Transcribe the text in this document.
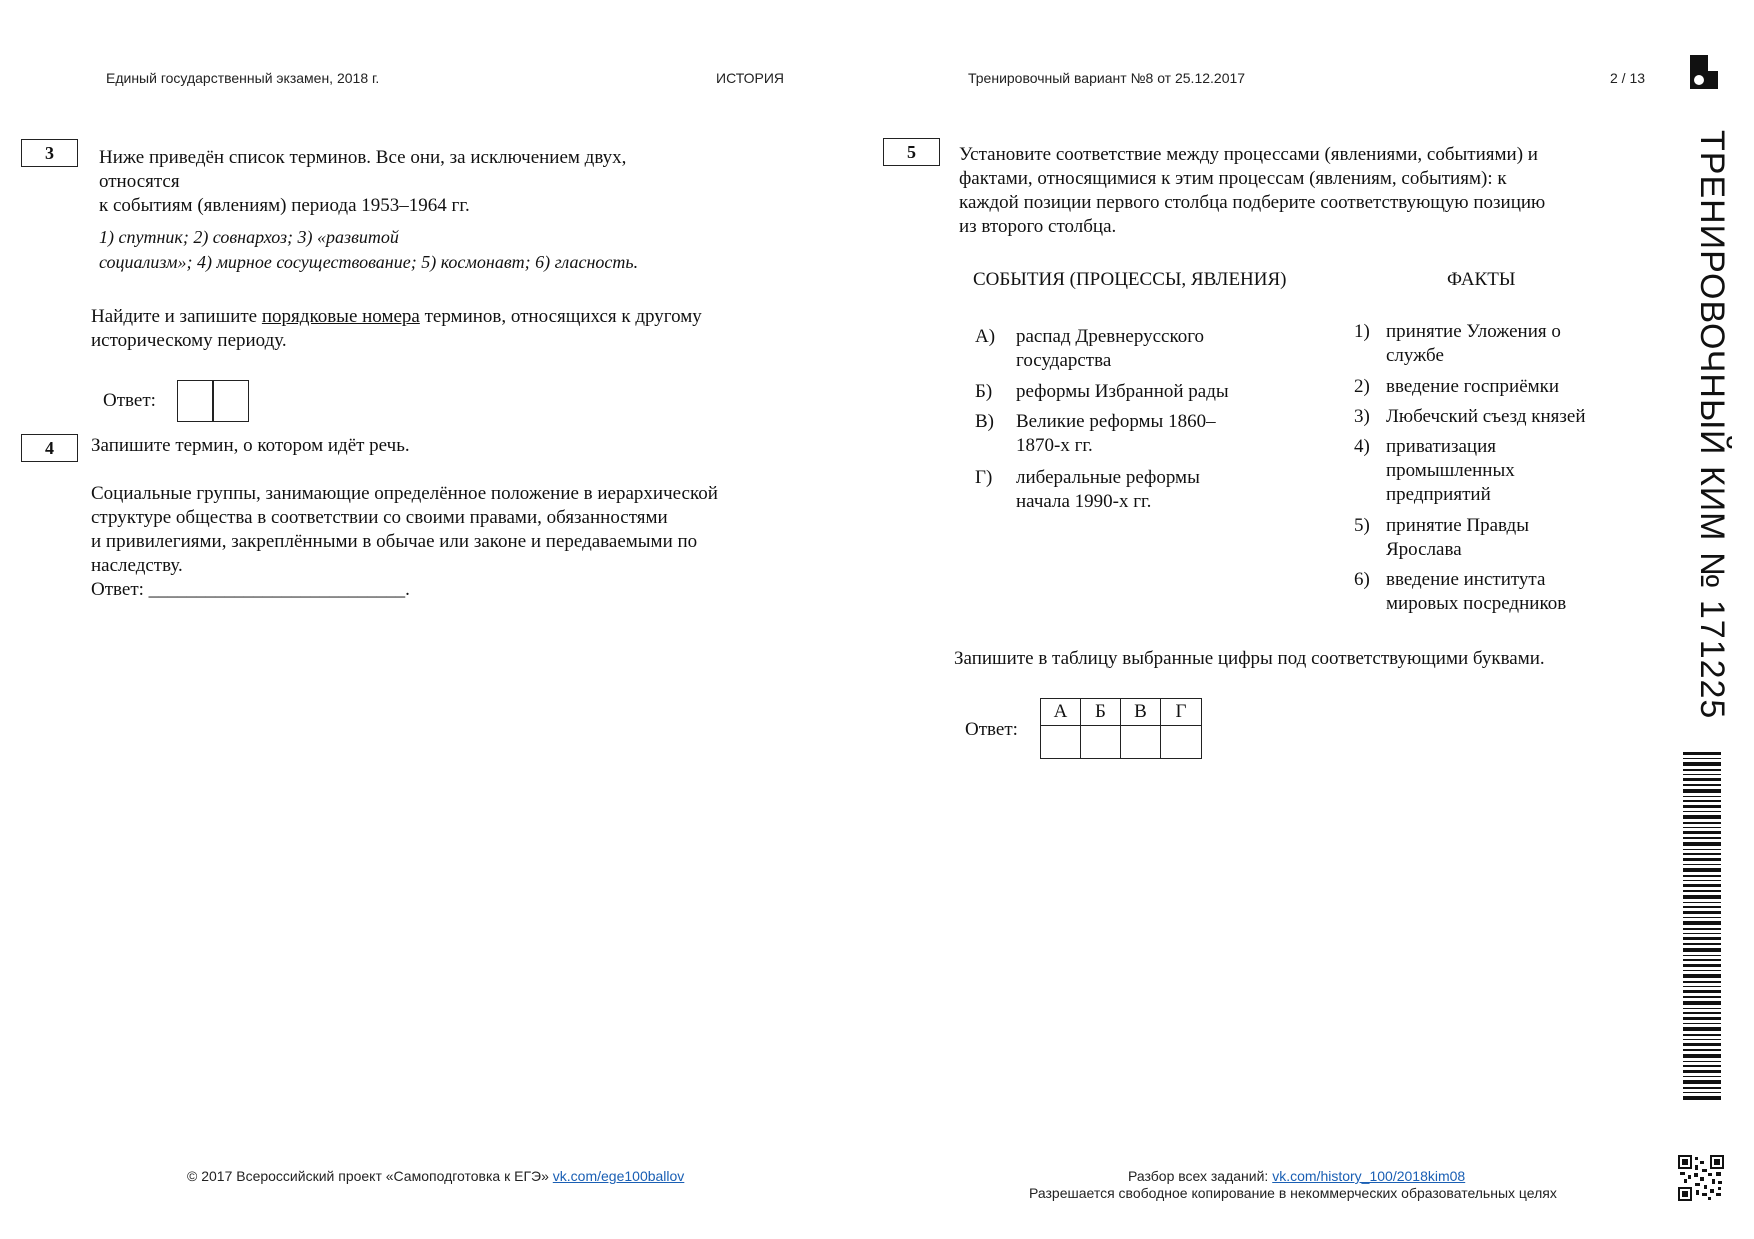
Единый государственный экзамен, 2018 г.	ИСТОРИЯ	Тренировочный вариант №8 от 25.12.2017	2 / 13
ТРЕНИРОВОЧНЫЙ КИМ № 171225
3	Ниже приведён список терминов. Все они, за исключением двух,
относятся
к событиям (явлениям) периода 1953–1964 гг.
1) спутник; 2) совнархоз; 3) «развитой
социализм»; 4) мирное сосуществование; 5) космонавт; 6) гласность.
Найдите и запишите порядковые номера терминов, относящихся к другому
историческому периоду.
Ответ:
4	Запишите термин, о котором идёт речь.
Социальные группы, занимающие определённое положение в иерархической
структуре общества в соответствии со своими правами, обязанностями
и привилегиями, закреплёнными в обычае или законе и передаваемыми по
наследству.
Ответ: ___________________________.
5	Установите соответствие между процессами (явлениями, событиями) и
фактами, относящимися к этим процессам (явлениям, событиям): к
каждой позиции первого столбца подберите соответствующую позицию
из второго столбца.
СОБЫТИЯ (ПРОЦЕССЫ, ЯВЛЕНИЯ)	ФАКТЫ
А) распад Древнерусского
государства
Б) реформы Избранной рады
В) Великие реформы 1860–
1870-х гг.
Г) либеральные реформы
начала 1990-х гг.
1) принятие Уложения о
службе
2) введение госприёмки
3) Любечский съезд князей
4) приватизация
промышленных
предприятий
5) принятие Правды
Ярослава
6) введение института
мировых посредников
Запишите в таблицу выбранные цифры под соответствующими буквами.
Ответ:
А	Б	В	Г
© 2017 Всероссийский проект «Самоподготовка к ЕГЭ» vk.com/ege100ballov	Разбор всех заданий: vk.com/history_100/2018kim08
Разрешается свободное копирование в некоммерческих образовательных целях
